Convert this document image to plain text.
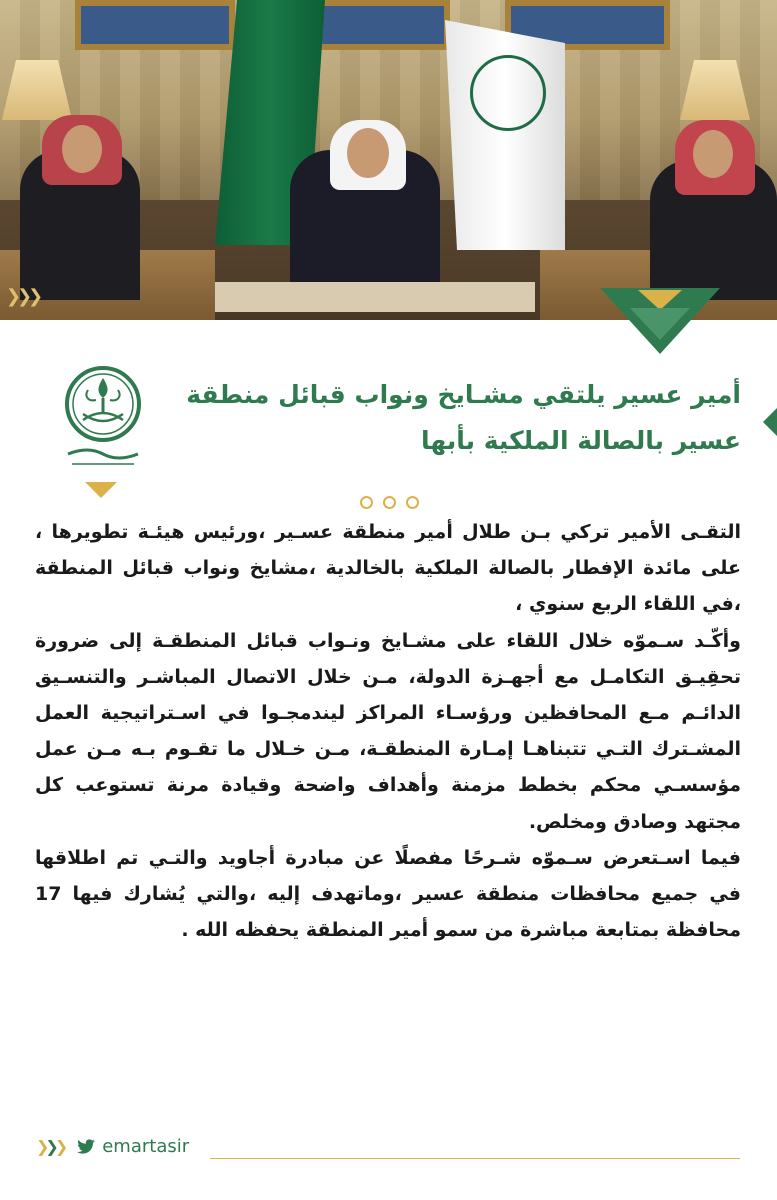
❯❯❯
أمير عسير يلتقي مشـايخ ونواب قبائل منطقة
عسير بالصالة الملكية بأبها
التقـى الأمير تركي بـن طلال أمير منطقة عسـير ،ورئيس هيئـة تطويرها ،
على مائدة الإفطار بالصالة الملكية بالخالدية ،مشايخ ونواب قبائل المنطقة
،في اللقاء الربع سنوي ،
وأكّـد سـموّه خلال اللقاء على مشـايخ ونـواب قبائل المنطقـة إلى ضرورة
تحقِيـق التكامـل مع أجهـزة الدولة، مـن خلال الاتصال المباشـر والتنسـيق
الدائـم مـع المحافظين ورؤسـاء المراكز ليندمجـوا في اسـتراتيجية العمل
المشـترك التـي تتبناهـا إمـارة المنطقـة، مـن خـلال ما تقـوم بـه مـن عمل
مؤسسـي محكم بخطط مزمنة وأهداف واضحة وقيادة مرنة تستوعب كل
مجتهد وصادق ومخلص.
فيما اسـتعرض سـموّه شـرحًا مفصلًا عن مبادرة أجاويد والتـي تم اطلاقها
في جميع محافظات منطقة عسير ،وماتهدف إليه ،والتي يُشارك فيها 17
محافظة بمتابعة مباشرة من سمو أمير المنطقة يحفظه الله .
❯❯❯ emartasir
